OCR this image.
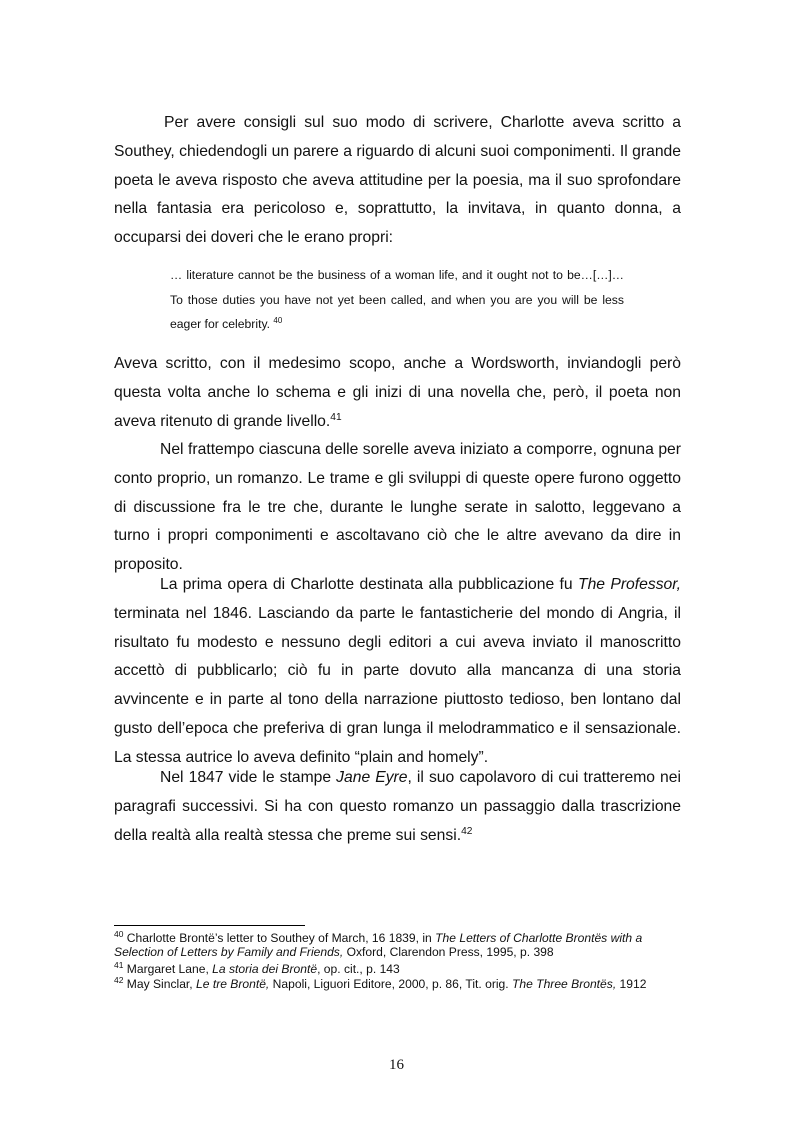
Per avere consigli sul suo modo di scrivere, Charlotte aveva scritto a Southey, chiedendogli un parere a riguardo di alcuni suoi componimenti. Il grande poeta le aveva risposto che aveva attitudine per la poesia, ma il suo sprofondare nella fantasia era pericoloso e, soprattutto, la invitava, in quanto donna, a occuparsi dei doveri che le erano propri:

… literature cannot be the business of a woman life, and it ought not to be…[…]… To those duties you have not yet been called, and when you are you will be less eager for celebrity. $^{40}$

Aveva scritto, con il medesimo scopo, anche a Wordsworth, inviandogli però questa volta anche lo schema e gli inizi di una novella che, però, il poeta non aveva ritenuto di grande livello.$^{41}$

Nel frattempo ciascuna delle sorelle aveva iniziato a comporre, ognuna per conto proprio, un romanzo. Le trame e gli sviluppi di queste opere furono oggetto di discussione fra le tre che, durante le lunghe serate in salotto, leggevano a turno i propri componimenti e ascoltavano ciò che le altre avevano da dire in proposito.

La prima opera di Charlotte destinata alla pubblicazione fu The Professor, terminata nel 1846. Lasciando da parte le fantasticherie del mondo di Angria, il risultato fu modesto e nessuno degli editori a cui aveva inviato il manoscritto accettò di pubblicarlo; ciò fu in parte dovuto alla mancanza di una storia avvincente e in parte al tono della narrazione piuttosto tedioso, ben lontano dal gusto dell’epoca che preferiva di gran lunga il melodrammatico e il sensazionale. La stessa autrice lo aveva definito “plain and homely”.

Nel 1847 vide le stampe Jane Eyre, il suo capolavoro di cui tratteremo nei paragrafi successivi. Si ha con questo romanzo un passaggio dalla trascrizione della realtà alla realtà stessa che preme sui sensi.$^{42}$

$^{40}$ Charlotte Brontë’s letter to Southey of March, 16 1839, in The Letters of Charlotte Brontës with a Selection of Letters by Family and Friends, Oxford, Clarendon Press, 1995, p. 398

$^{41}$ Margaret Lane, La storia dei Brontë, op. cit., p. 143

$^{42}$ May Sinclar, Le tre Brontë, Napoli, Liguori Editore, 2000, p. 86, Tit. orig. The Three Brontës, 1912

16
